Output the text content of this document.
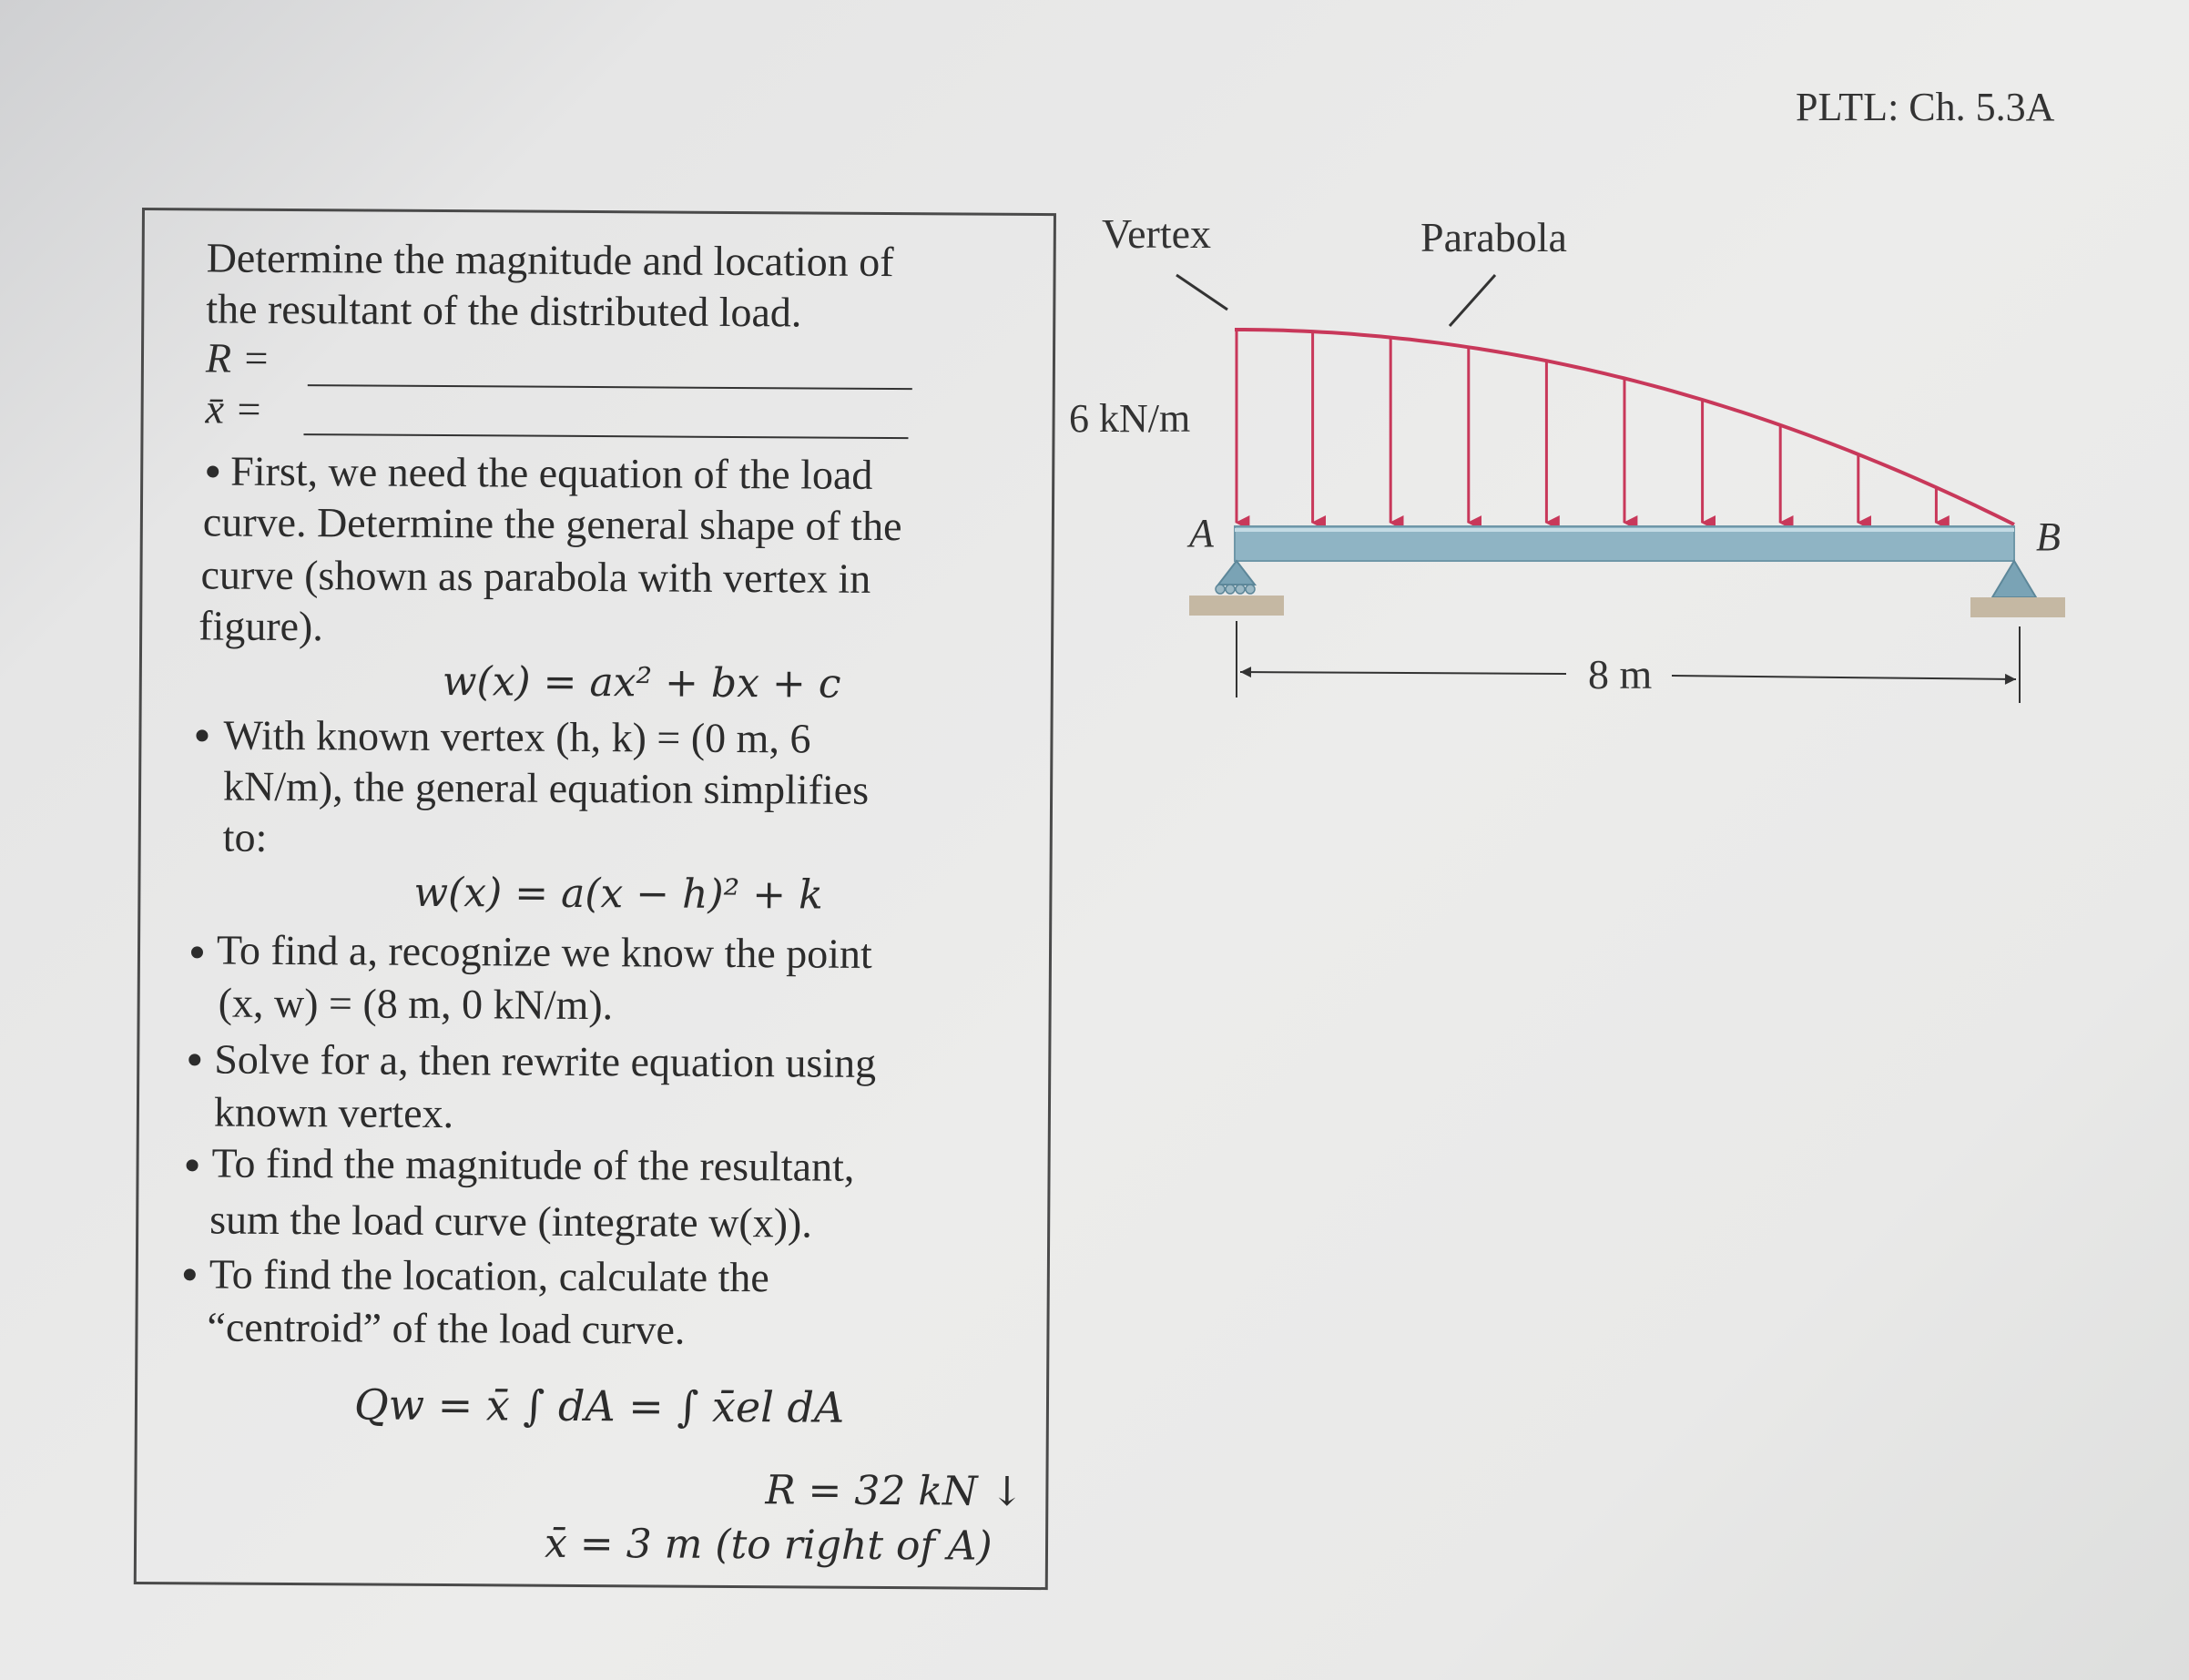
PLTL: Ch. 5.3A
Determine the magnitude and location of
the resultant of the distributed load.
R =
x̄ =
First, we need the equation of the load
curve. Determine the general shape of the
curve (shown as parabola with vertex in
figure).
w(x) = ax² + bx + c
With known vertex (h, k) = (0 m, 6
kN/m), the general equation simplifies
to:
w(x) = a(x − h)² + k
To find a, recognize we know the point
(x, w) = (8 m, 0 kN/m).
Solve for a, then rewrite equation using
known vertex.
To find the magnitude of the resultant,
sum the load curve (integrate w(x)).
To find the location, calculate the
“centroid” of the load curve.
Qw = x̄ ∫ dA = ∫ x̄el dA
R = 32 kN ↓
x̄ = 3 m (to right of A)
Vertex	Parabola
6 kN/m
A	B
8 m
